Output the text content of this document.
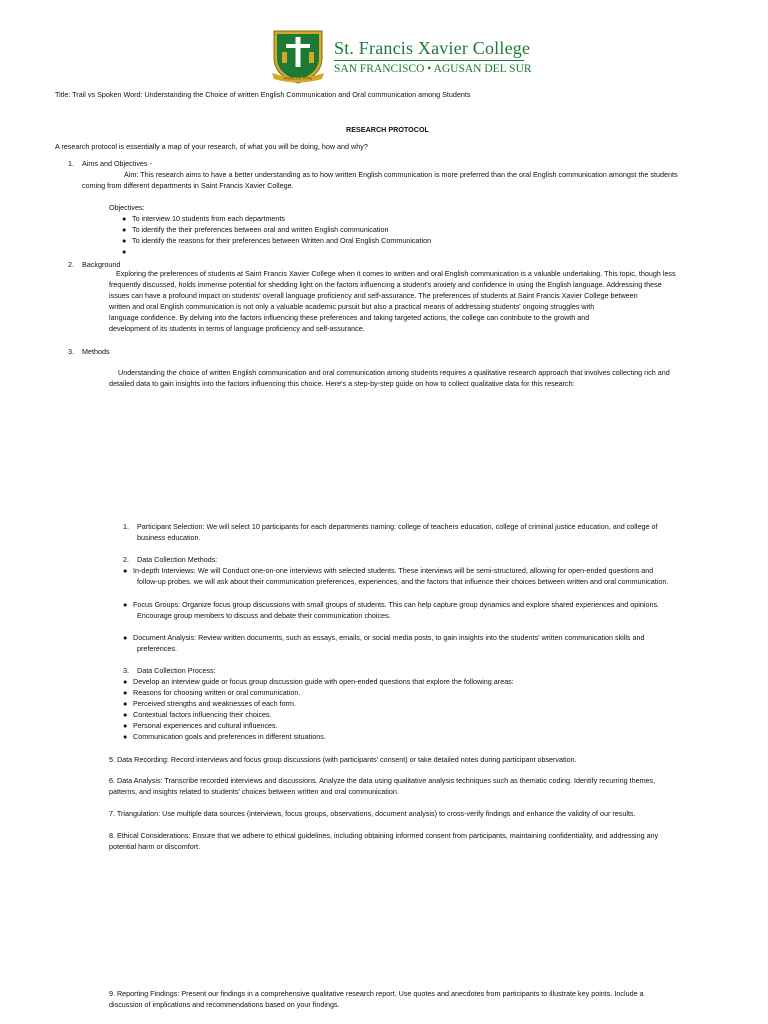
ANGELUS VITAE
St. Francis Xavier College
SAN FRANCISCO • AGUSAN DEL SUR

Title: Trail vs Spoken Word: Understanding the Choice of written English Communication and Oral communication among Students

RESEARCH PROTOCOL

A research protocol is essentially a map of your research, of what you will be doing, how and why?

1. Aims and Objectives -

Aim: This research aims to have a better understanding as to how written English communication is more preferred than the oral English communication amongst the students

coming from different departments in Saint Francis Xavier College.

Objectives:

● To interview 10 students from each departments

● To identify the their preferences between oral and written English communication

● To identify the reasons for their preferences between Written and Oral English Communication

●

2. Background

Exploring the preferences of students at Saint Francis Xavier College when it comes to written and oral English communication is a valuable undertaking. This topic, though less

frequently discussed, holds immense potential for shedding light on the factors influencing a student's anxiety and confidence in using the English language. Addressing these

issues can have a profound impact on students' overall language proficiency and self-assurance. The preferences of students at Saint Francis Xavier College between

written and oral English communication is not only a valuable academic pursuit but also a practical means of addressing students' ongoing struggles with

language confidence. By delving into the factors influencing these preferences and taking targeted actions, the college can contribute to the growth and

development of its students in terms of language proficiency and self-assurance.

3. Methods

Understanding the choice of written English communication and oral communication among students requires a qualitative research approach that involves collecting rich and

detailed data to gain insights into the factors influencing this choice. Here's a step-by-step guide on how to collect qualitative data for this research:

1. Participant Selection: We will select 10 participants for each departments naming: college of teachers education, college of criminal justice education, and college of

business education.

2. Data Collection Methods:

● In-depth Interviews: We will Conduct one-on-one interviews with selected students. These interviews will be semi-structured, allowing for open-ended questions and

follow-up probes. we will ask about their communication preferences, experiences, and the factors that influence their choices between written and oral communication.

● Focus Groups: Organize focus group discussions with small groups of students. This can help capture group dynamics and explore shared experiences and opinions.

Encourage group members to discuss and debate their communication choices.

● Document Analysis: Review written documents, such as essays, emails, or social media posts, to gain insights into the students' written communication skills and

preferences.

3. Data Collection Process:

● Develop an interview guide or focus group discussion guide with open-ended questions that explore the following areas:

● Reasons for choosing written or oral communication.

● Perceived strengths and weaknesses of each form.

● Contextual factors influencing their choices.

● Personal experiences and cultural influences.

● Communication goals and preferences in different situations.

5. Data Recording: Record interviews and focus group discussions (with participants' consent) or take detailed notes during participant observation.

6. Data Analysis: Transcribe recorded interviews and discussions. Analyze the data using qualitative analysis techniques such as thematic coding. Identify recurring themes,

patterns, and insights related to students' choices between written and oral communication.

7. Triangulation: Use multiple data sources (interviews, focus groups, observations, document analysis) to cross-verify findings and enhance the validity of our results.

8. Ethical Considerations: Ensure that we adhere to ethical guidelines, including obtaining informed consent from participants, maintaining confidentiality, and addressing any

potential harm or discomfort.

9. Reporting Findings: Present our findings in a comprehensive qualitative research report. Use quotes and anecdotes from participants to illustrate key points. Include a

discussion of implications and recommendations based on your findings.
